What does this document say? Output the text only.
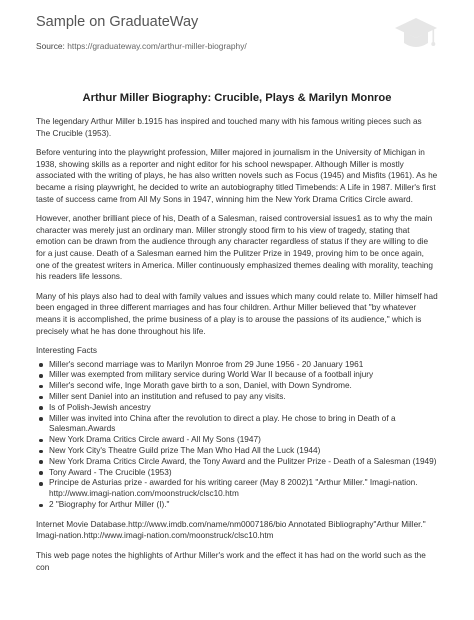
Sample on GraduateWay
Source: https://graduateway.com/arthur-miller-biography/
Arthur Miller Biography: Crucible, Plays & Marilyn Monroe

The legendary Arthur Miller b.1915 has inspired and touched many with his famous writing pieces such as The Crucible (1953).

Before venturing into the playwright profession, Miller majored in journalism in the University of Michigan in 1938, showing skills as a reporter and night editor for his school newspaper. Although Miller is mostly associated with the writing of plays, he has also written novels such as Focus (1945) and Misfits (1961). As he became a rising playwright, he decided to write an autobiography titled Timebends: A Life in 1987. Miller's first taste of success came from All My Sons in 1947, winning him the New York Drama Critics Circle award.

However, another brilliant piece of his, Death of a Salesman, raised controversial issues1 as to why the main character was merely just an ordinary man. Miller strongly stood firm to his view of tragedy, stating that emotion can be drawn from the audience through any character regardless of status if they are willing to die for a just cause. Death of a Salesman earned him the Pulitzer Prize in 1949, proving him to be once again, one of the greatest writers in America. Miller continuously emphasized themes dealing with morality, teaching his readers life lessons.

Many of his plays also had to deal with family values and issues which many could relate to. Miller himself had been engaged in three different marriages and has four children. Arthur Miller believed that "by whatever means it is accomplished, the prime business of a play is to arouse the passions of its audience," which is precisely what he has done throughout his life.

Interesting Facts

Miller's second marriage was to Marilyn Monroe from 29 June 1956 - 20 January 1961
Miller was exempted from military service during World War II because of a football injury
Miller's second wife, Inge Morath gave birth to a son, Daniel, with Down Syndrome.
Miller sent Daniel into an institution and refused to pay any visits.
Is of Polish-Jewish ancestry
Miller was invited into China after the revolution to direct a play. He chose to bring in Death of a Salesman.Awards
New York Drama Critics Circle award - All My Sons (1947)
New York City's Theatre Guild prize The Man Who Had All the Luck (1944)
New York Drama Critics Circle Award, the Tony Award and the Pulitzer Prize - Death of a Salesman (1949)
Tony Award - The Crucible (1953)
Principe de Asturias prize - awarded for his writing career (May 8 2002)1 "Arthur Miller." Imagi-nation. http://www.imagi-nation.com/moonstruck/clsc10.htm
2 "Biography for Arthur Miller (I)."

Internet Movie Database.http://www.imdb.com/name/nm0007186/bio Annotated Bibliography"Arthur Miller." Imagi-nation.http://www.imagi-nation.com/moonstruck/clsc10.htm

This web page notes the highlights of Arthur Miller's work and the effect it has had on the world such as the con
